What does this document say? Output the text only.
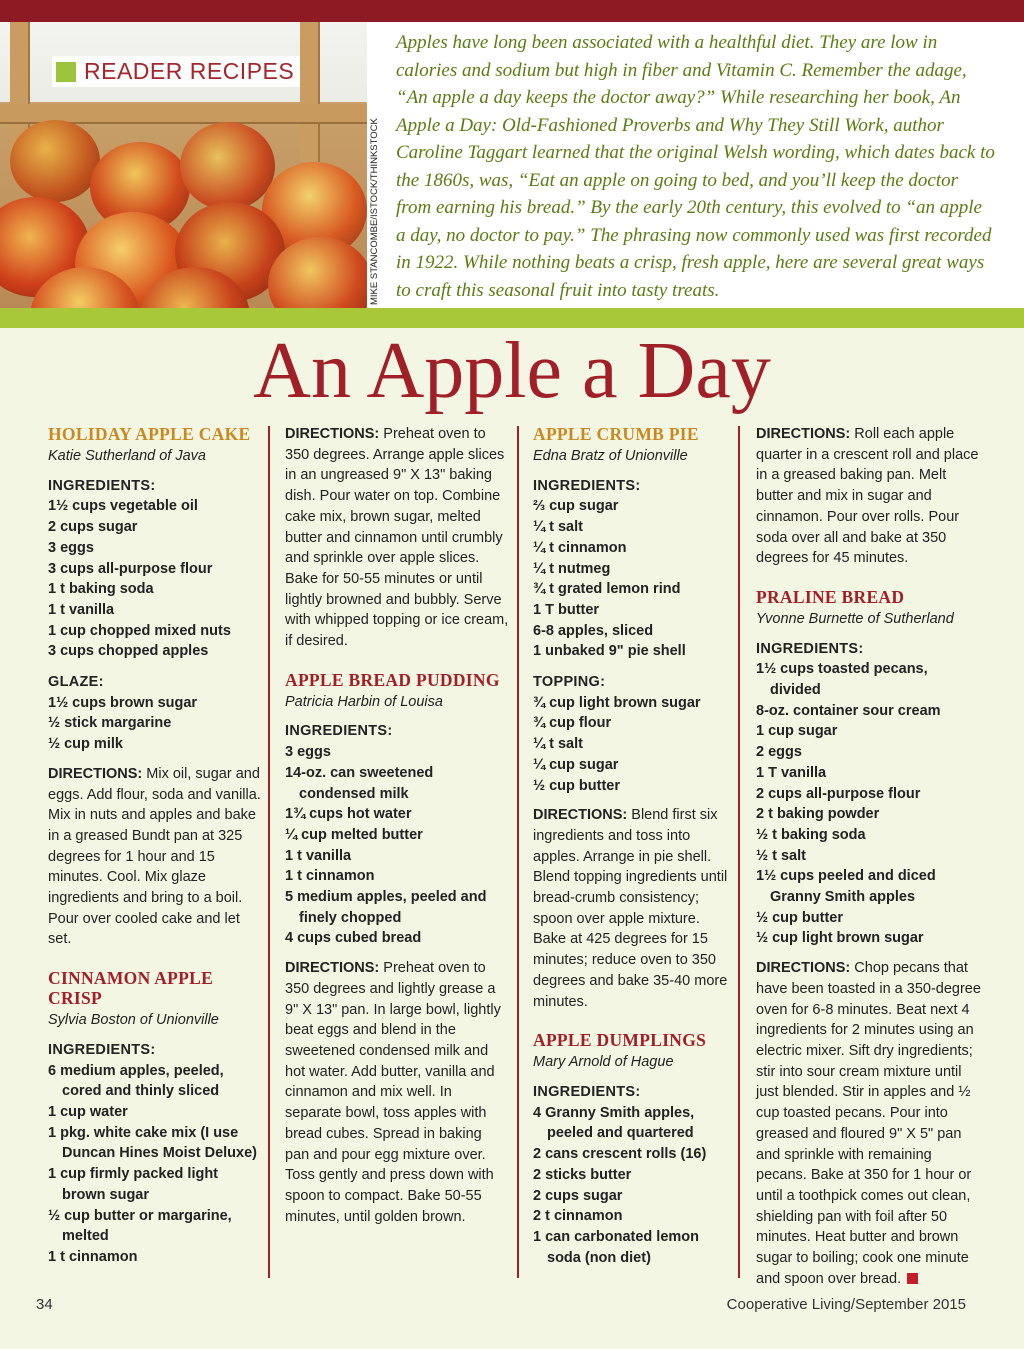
READER RECIPES
MIKE STANCOMBE/ISTOCK/THINKSTOCK
Apples have long been associated with a healthful diet. They are low in calories and sodium but high in fiber and Vitamin C. Remember the adage, “An apple a day keeps the doctor away?” While researching her book, An Apple a Day: Old-Fashioned Proverbs and Why They Still Work, author Caroline Taggart learned that the original Welsh wording, which dates back to the 1860s, was, “Eat an apple on going to bed, and you’ll keep the doctor from earning his bread.” By the early 20th century, this evolved to “an apple a day, no doctor to pay.” The phrasing now commonly used was first recorded in 1922. While nothing beats a crisp, fresh apple, here are several great ways to craft this seasonal fruit into tasty treats.
An Apple a Day
HOLIDAY APPLE CAKE
Katie Sutherland of Java
INGREDIENTS:
1½ cups vegetable oil
2 cups sugar
3 eggs
3 cups all-purpose flour
1 t baking soda
1 t vanilla
1 cup chopped mixed nuts
3 cups chopped apples
GLAZE:
1½ cups brown sugar
½ stick margarine
½ cup milk
DIRECTIONS: Mix oil, sugar and eggs. Add flour, soda and vanilla. Mix in nuts and apples and bake in a greased Bundt pan at 325 degrees for 1 hour and 15 minutes. Cool. Mix glaze ingredients and bring to a boil. Pour over cooled cake and let set.
CINNAMON APPLE CRISP
Sylvia Boston of Unionville
INGREDIENTS:
6 medium apples, peeled, cored and thinly sliced
1 cup water
1 pkg. white cake mix (I use Duncan Hines Moist Deluxe)
1 cup firmly packed light brown sugar
½ cup butter or margarine, melted
1 t cinnamon
DIRECTIONS: Preheat oven to 350 degrees. Arrange apple slices in an ungreased 9" X 13" baking dish. Pour water on top. Combine cake mix, brown sugar, melted butter and cinnamon until crumbly and sprinkle over apple slices. Bake for 50-55 minutes or until lightly browned and bubbly. Serve with whipped topping or ice cream, if desired.
APPLE BREAD PUDDING
Patricia Harbin of Louisa
INGREDIENTS:
3 eggs
14-oz. can sweetened condensed milk
1¾ cups hot water
¼ cup melted butter
1 t vanilla
1 t cinnamon
5 medium apples, peeled and finely chopped
4 cups cubed bread
DIRECTIONS: Preheat oven to 350 degrees and lightly grease a 9" X 13" pan. In large bowl, lightly beat eggs and blend in the sweetened condensed milk and hot water. Add butter, vanilla and cinnamon and mix well. In separate bowl, toss apples with bread cubes. Spread in baking pan and pour egg mixture over. Toss gently and press down with spoon to compact. Bake 50-55 minutes, until golden brown.
APPLE CRUMB PIE
Edna Bratz of Unionville
INGREDIENTS:
⅔ cup sugar
¼ t salt
¼ t cinnamon
¼ t nutmeg
¾ t grated lemon rind
1 T butter
6-8 apples, sliced
1 unbaked 9" pie shell
TOPPING:
¾ cup light brown sugar
¾ cup flour
¼ t salt
¼ cup sugar
½ cup butter
DIRECTIONS: Blend first six ingredients and toss into apples. Arrange in pie shell. Blend topping ingredients until bread-crumb consistency; spoon over apple mixture. Bake at 425 degrees for 15 minutes; reduce oven to 350 degrees and bake 35-40 more minutes.
APPLE DUMPLINGS
Mary Arnold of Hague
INGREDIENTS:
4 Granny Smith apples, peeled and quartered
2 cans crescent rolls (16)
2 sticks butter
2 cups sugar
2 t cinnamon
1 can carbonated lemon soda (non diet)
DIRECTIONS: Roll each apple quarter in a crescent roll and place in a greased baking pan. Melt butter and mix in sugar and cinnamon. Pour over rolls. Pour soda over all and bake at 350 degrees for 45 minutes.
PRALINE BREAD
Yvonne Burnette of Sutherland
INGREDIENTS:
1½ cups toasted pecans, divided
8-oz. container sour cream
1 cup sugar
2 eggs
1 T vanilla
2 cups all-purpose flour
2 t baking powder
½ t baking soda
½ t salt
1½ cups peeled and diced Granny Smith apples
½ cup butter
½ cup light brown sugar
DIRECTIONS: Chop pecans that have been toasted in a 350-degree oven for 6-8 minutes. Beat next 4 ingredients for 2 minutes using an electric mixer. Sift dry ingredients; stir into sour cream mixture until just blended. Stir in apples and ½ cup toasted pecans. Pour into greased and floured 9" X 5" pan and sprinkle with remaining pecans. Bake at 350 for 1 hour or until a toothpick comes out clean, shielding pan with foil after 50 minutes. Heat butter and brown sugar to boiling; cook one minute and spoon over bread.
34	Cooperative Living/September 2015
